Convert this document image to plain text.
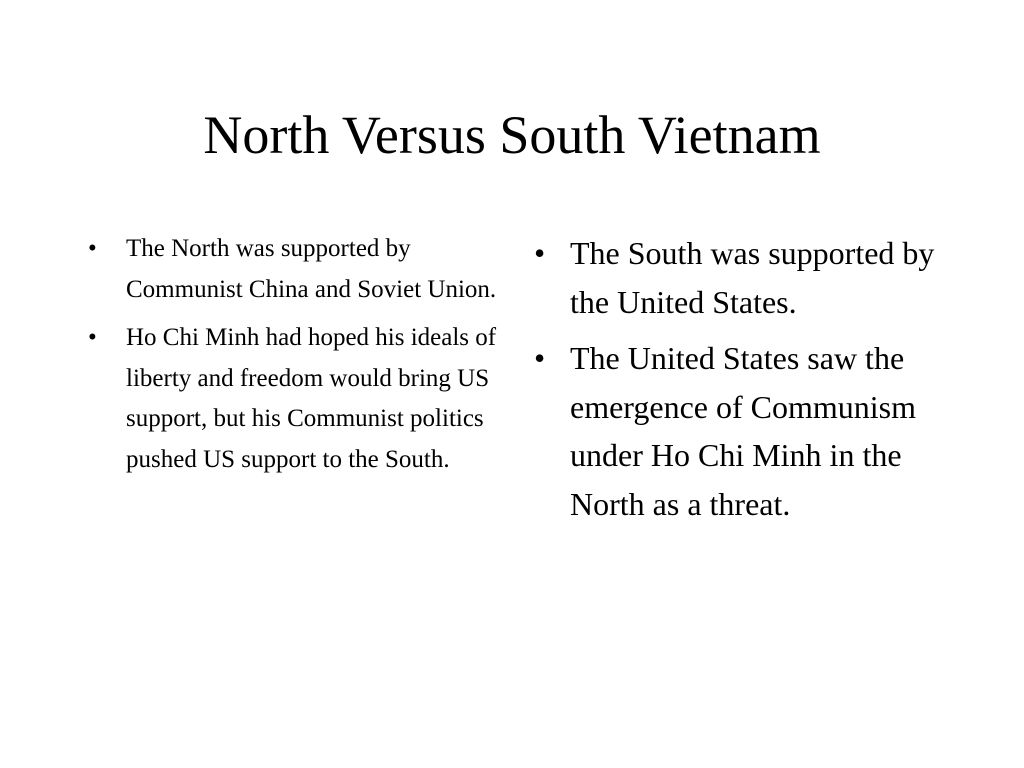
North Versus South Vietnam
• The North was supported by Communist China and Soviet Union.
• Ho Chi Minh had hoped his ideals of liberty and freedom would bring US support, but his Communist politics pushed US support to the South.
• The South was supported by the United States.
• The United States saw the emergence of Communism under Ho Chi Minh in the North as a threat.
